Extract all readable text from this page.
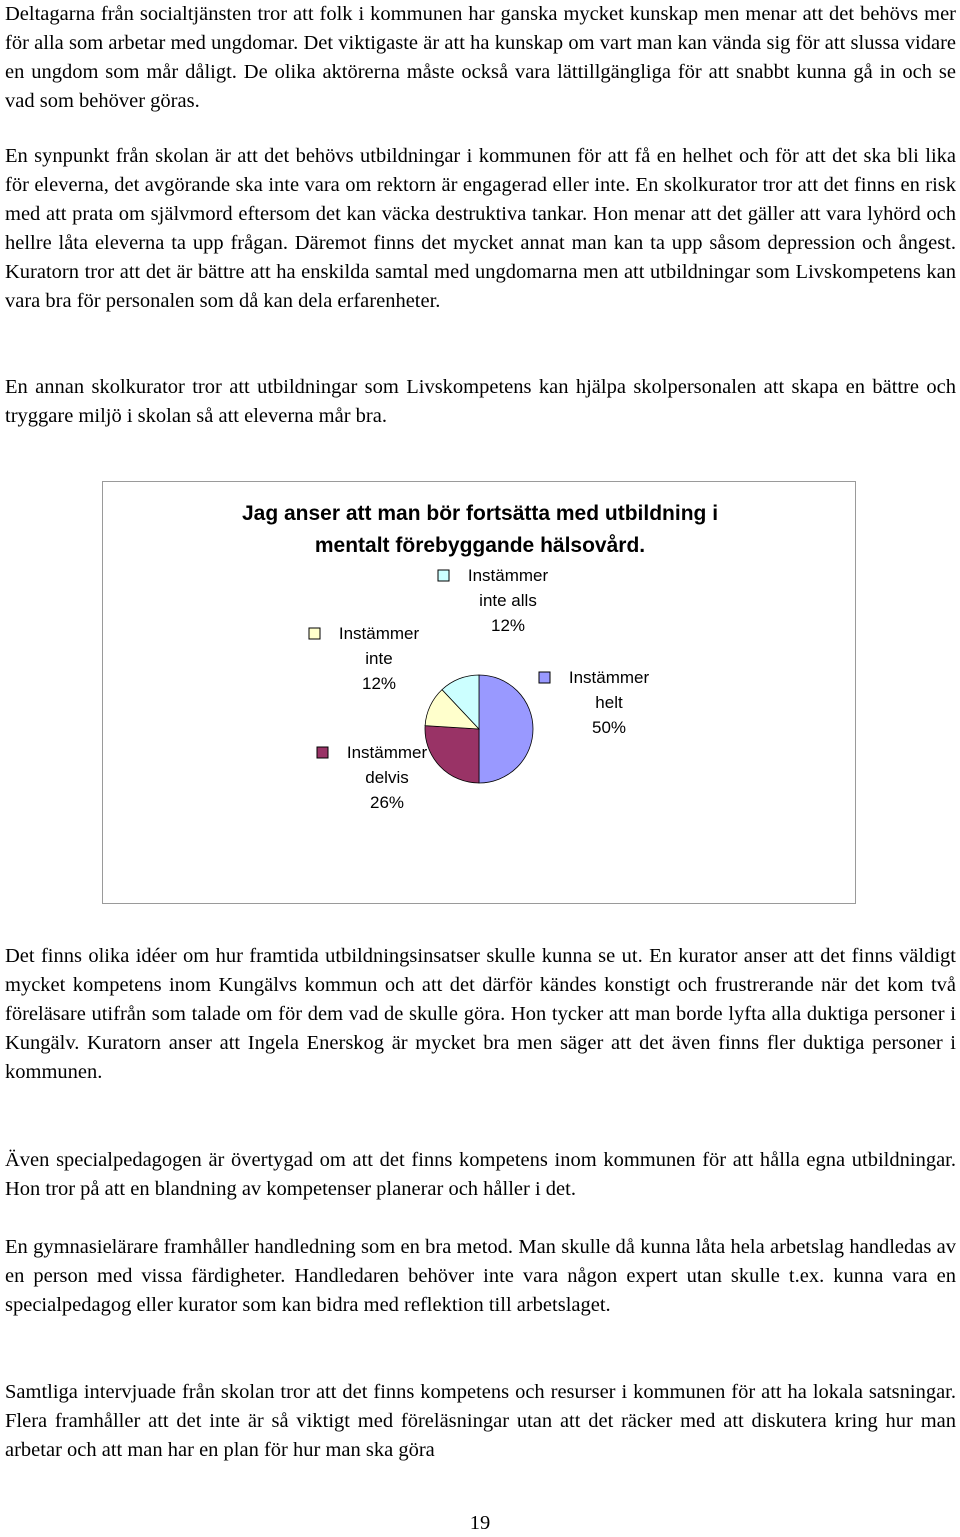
Deltagarna från socialtjänsten tror att folk i kommunen har ganska mycket kunskap men menar att det behövs mer för alla som arbetar med ungdomar. Det viktigaste är att ha kunskap om vart man kan vända sig för att slussa vidare en ungdom som mår dåligt. De olika aktörerna måste också vara lättillgängliga för att snabbt kunna gå in och se vad som behöver göras.

En synpunkt från skolan är att det behövs utbildningar i kommunen för att få en helhet och för att det ska bli lika för eleverna, det avgörande ska inte vara om rektorn är engagerad eller inte. En skolkurator tror att det finns en risk med att prata om självmord eftersom det kan väcka destruktiva tankar. Hon menar att det gäller att vara lyhörd och hellre låta eleverna ta upp frågan. Däremot finns det mycket annat man kan ta upp såsom depression och ångest. Kuratorn tror att det är bättre att ha enskilda samtal med ungdomarna men att utbildningar som Livskompetens kan vara bra för personalen som då kan dela erfarenheter.

En annan skolkurator tror att utbildningar som Livskompetens kan hjälpa skolpersonalen att skapa en bättre och tryggare miljö i skolan så att eleverna mår bra.

Jag anser att man bör fortsätta med utbildning i
mentalt förebyggande hälsovård.
Instämmer
helt
50%
Instämmer
delvis
26%
Instämmer
inte
12%
Instämmer
inte alls
12%

Det finns olika idéer om hur framtida utbildningsinsatser skulle kunna se ut. En kurator anser att det finns väldigt mycket kompetens inom Kungälvs kommun och att det därför kändes konstigt och frustrerande när det kom två föreläsare utifrån som talade om för dem vad de skulle göra. Hon tycker att man borde lyfta alla duktiga personer i Kungälv. Kuratorn anser att Ingela Enerskog är mycket bra men säger att det även finns fler duktiga personer i kommunen.

Även specialpedagogen är övertygad om att det finns kompetens inom kommunen för att hålla egna utbildningar. Hon tror på att en blandning av kompetenser planerar och håller i det.

En gymnasielärare framhåller handledning som en bra metod. Man skulle då kunna låta hela arbetslag handledas av en person med vissa färdigheter. Handledaren behöver inte vara någon expert utan skulle t.ex. kunna vara en specialpedagog eller kurator som kan bidra med reflektion till arbetslaget.

Samtliga intervjuade från skolan tror att det finns kompetens och resurser i kommunen för att ha lokala satsningar. Flera framhåller att det inte är så viktigt med föreläsningar utan att det räcker med att diskutera kring hur man arbetar och att man har en plan för hur man ska göra

19
